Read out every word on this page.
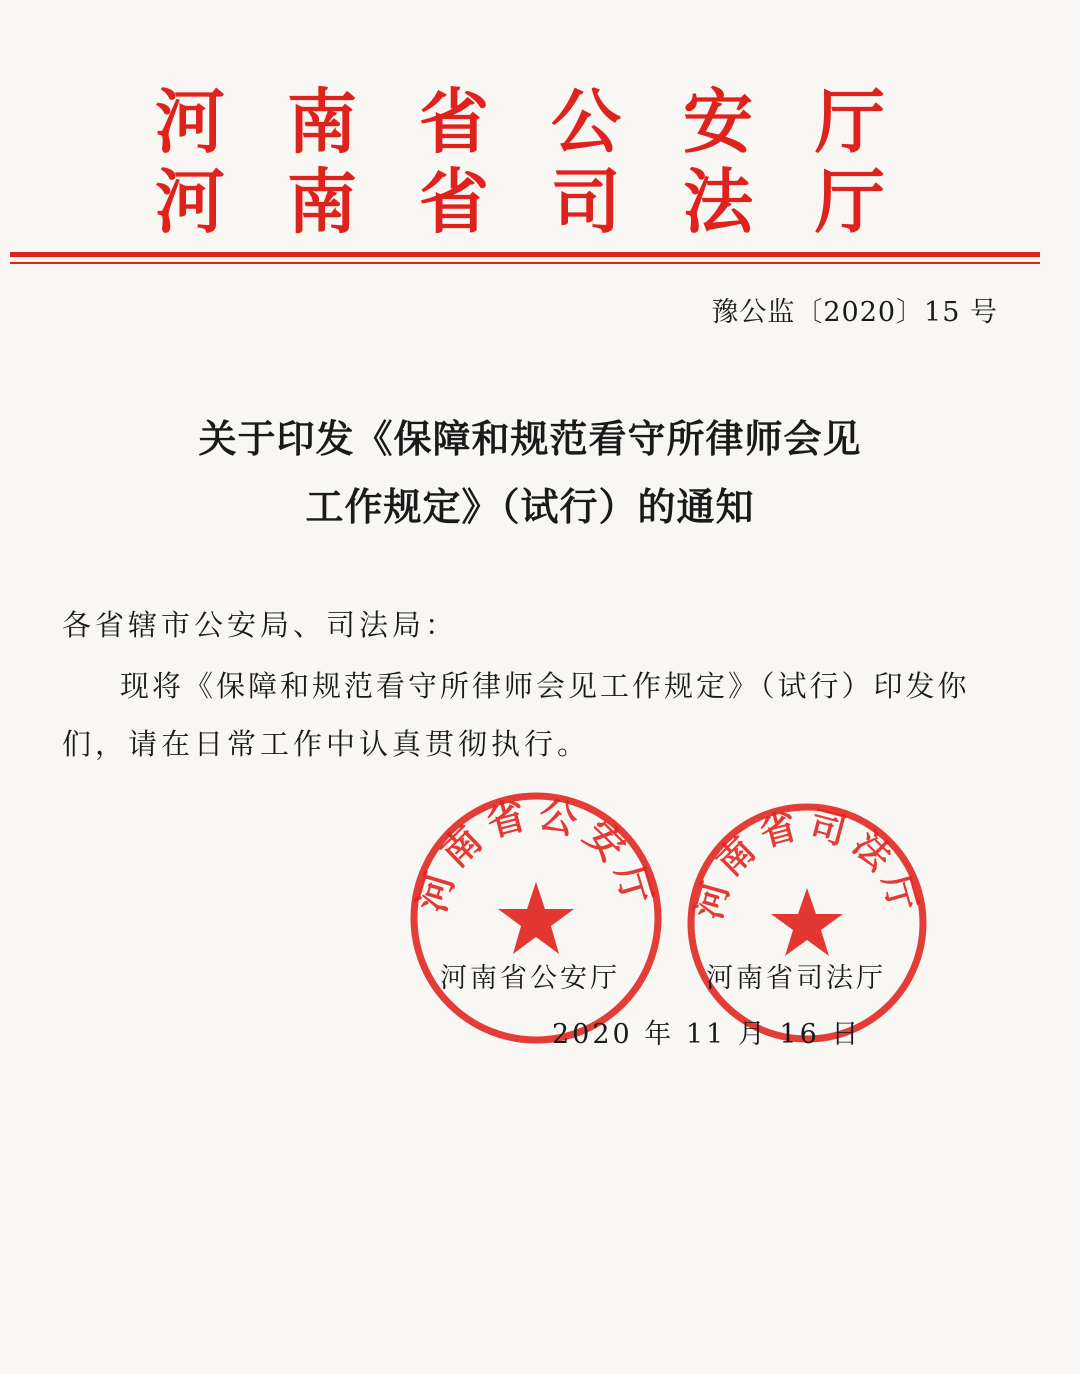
河 南 省 公 安 厅
河 南 省 司 法 厅
豫公监〔2020〕15 号
关于印发《保障和规范看守所律师会见
工作规定》（试行）的通知
各省辖市公安局、司法局：
现将《保障和规范看守所律师会见工作规定》（试行）印发你
们，请在日常工作中认真贯彻执行。
河南省公安厅 河南省司法厅
河南省公安厅	河南省司法厅
2020 年 11 月 16 日
